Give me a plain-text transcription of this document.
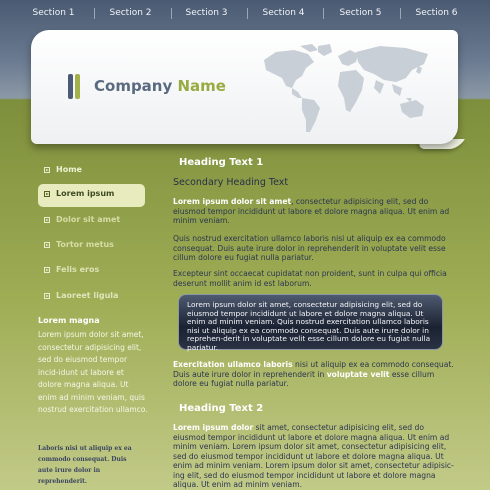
Section 1	Section 2	Section 3	Section 4	Section 5	Section 6
Company Name
Home
Lorem ipsum
Dolor sit amet
Tortor metus
Felis eros
Laoreet ligula
Lorem magna
Lorem ipsum dolor sit amet, consectetur adipisicing elit, sed do eiusmod tempor incid-idunt ut labore et dolore magna aliqua. Ut enim ad minim veniam, quis nostrud exercitation ullamco.
Laboris nisi ut aliquip ex ea commodo consequat. Duis aute irure dolor in reprehenderit.
Heading Text 1
Secondary Heading Text
Lorem ipsum dolor sit amet, consectetur adipisicing elit, sed do eiusmod tempor incididunt ut labore et dolore magna aliqua. Ut enim ad minim veniam.
Quis nostrud exercitation ullamco laboris nisi ut aliquip ex ea commodo consequat. Duis aute irure dolor in reprehenderit in voluptate velit esse cillum dolore eu fugiat nulla pariatur.
Excepteur sint occaecat cupidatat non proident, sunt in culpa qui officia deserunt mollit anim id est laborum.
Lorem ipsum dolor sit amet, consectetur adipisicing elit, sed do eiusmod tempor incididunt ut labore et dolore magna aliqua. Ut enim ad minim veniam. Quis nostrud exercitation ullamco laboris nisi ut aliquip ex ea commodo consequat. Duis aute irure dolor in reprehen-derit in voluptate velit esse cillum dolore eu fugiat nulla pariatur.
Exercitation ullamco laboris nisi ut aliquip ex ea commodo consequat. Duis aute irure dolor in reprehenderit in voluptate velit esse cillum dolore eu fugiat nulla pariatur.
Heading Text 2
Lorem ipsum dolor sit amet, consectetur adipisicing elit, sed do eiusmod tempor incididunt ut labore et dolore magna aliqua. Ut enim ad minim veniam. Lorem ipsum dolor sit amet, consectetur adipisicing elit, sed do eiusmod tempor incididunt ut labore et dolore magna aliqua. Ut enim ad minim veniam. Lorem ipsum dolor sit amet, consectetur adipisic-ing elit, sed do eiusmod tempor incididunt ut labore et dolore magna aliqua. Ut enim ad minim veniam.
